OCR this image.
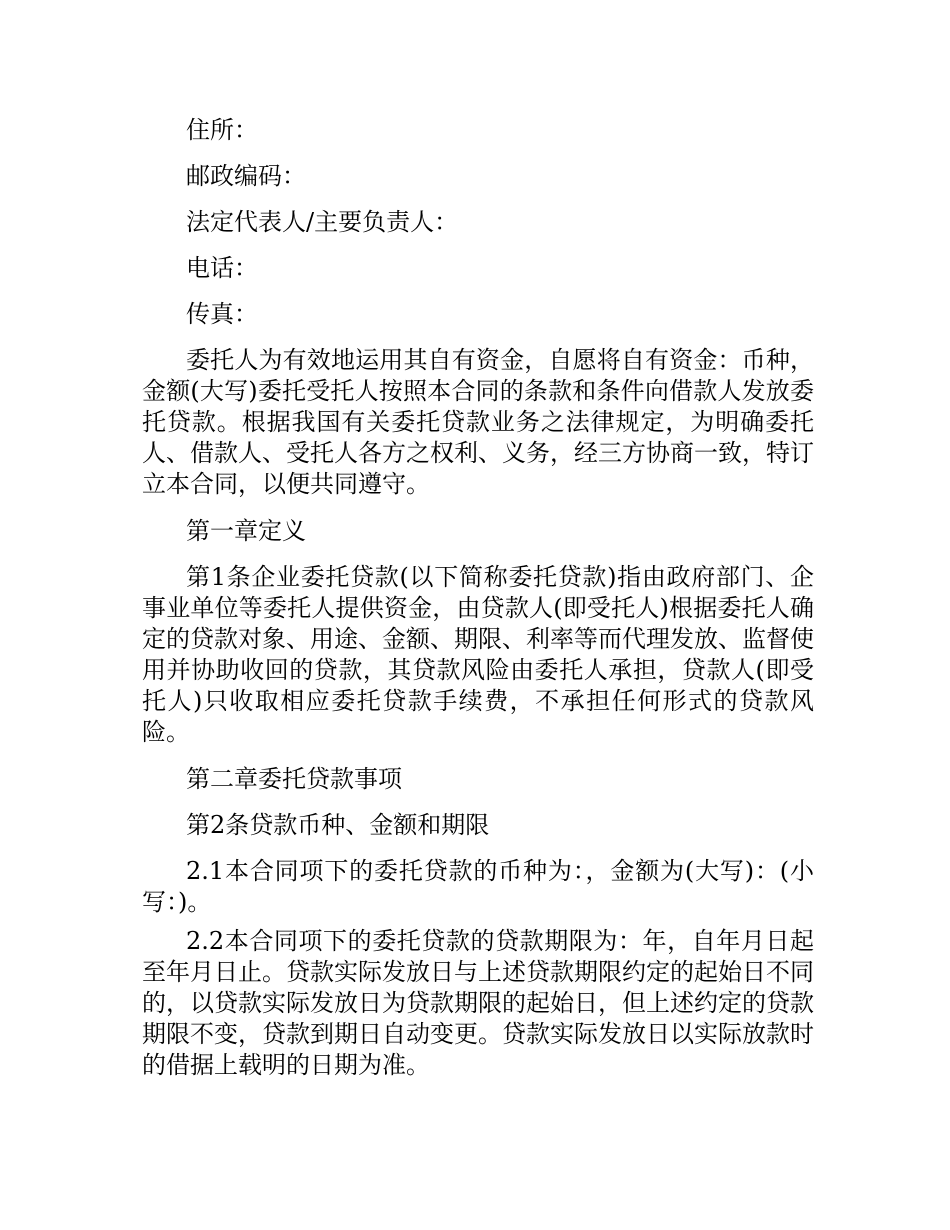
住所：
邮政编码：
法定代表人/主要负责人：
电话：
传真：

委托人为有效地运用其自有资金，自愿将自有资金：币种，金额(大写)委托受托人按照本合同的条款和条件向借款人发放委托贷款。根据我国有关委托贷款业务之法律规定，为明确委托人、借款人、受托人各方之权利、义务，经三方协商一致，特订立本合同，以便共同遵守。

第一章定义

第1条企业委托贷款(以下简称委托贷款)指由政府部门、企事业单位等委托人提供资金，由贷款人(即受托人)根据委托人确定的贷款对象、用途、金额、期限、利率等而代理发放、监督使用并协助收回的贷款，其贷款风险由委托人承担，贷款人(即受托人)只收取相应委托贷款手续费，不承担任何形式的贷款风险。

第二章委托贷款事项
第2条贷款币种、金额和期限

2.1本合同项下的委托贷款的币种为：，金额为(大写)：(小写：)。

2.2本合同项下的委托贷款的贷款期限为：年，自年月日起至年月日止。贷款实际发放日与上述贷款期限约定的起始日不同的，以贷款实际发放日为贷款期限的起始日，但上述约定的贷款期限不变，贷款到期日自动变更。贷款实际发放日以实际放款时的借据上载明的日期为准。
